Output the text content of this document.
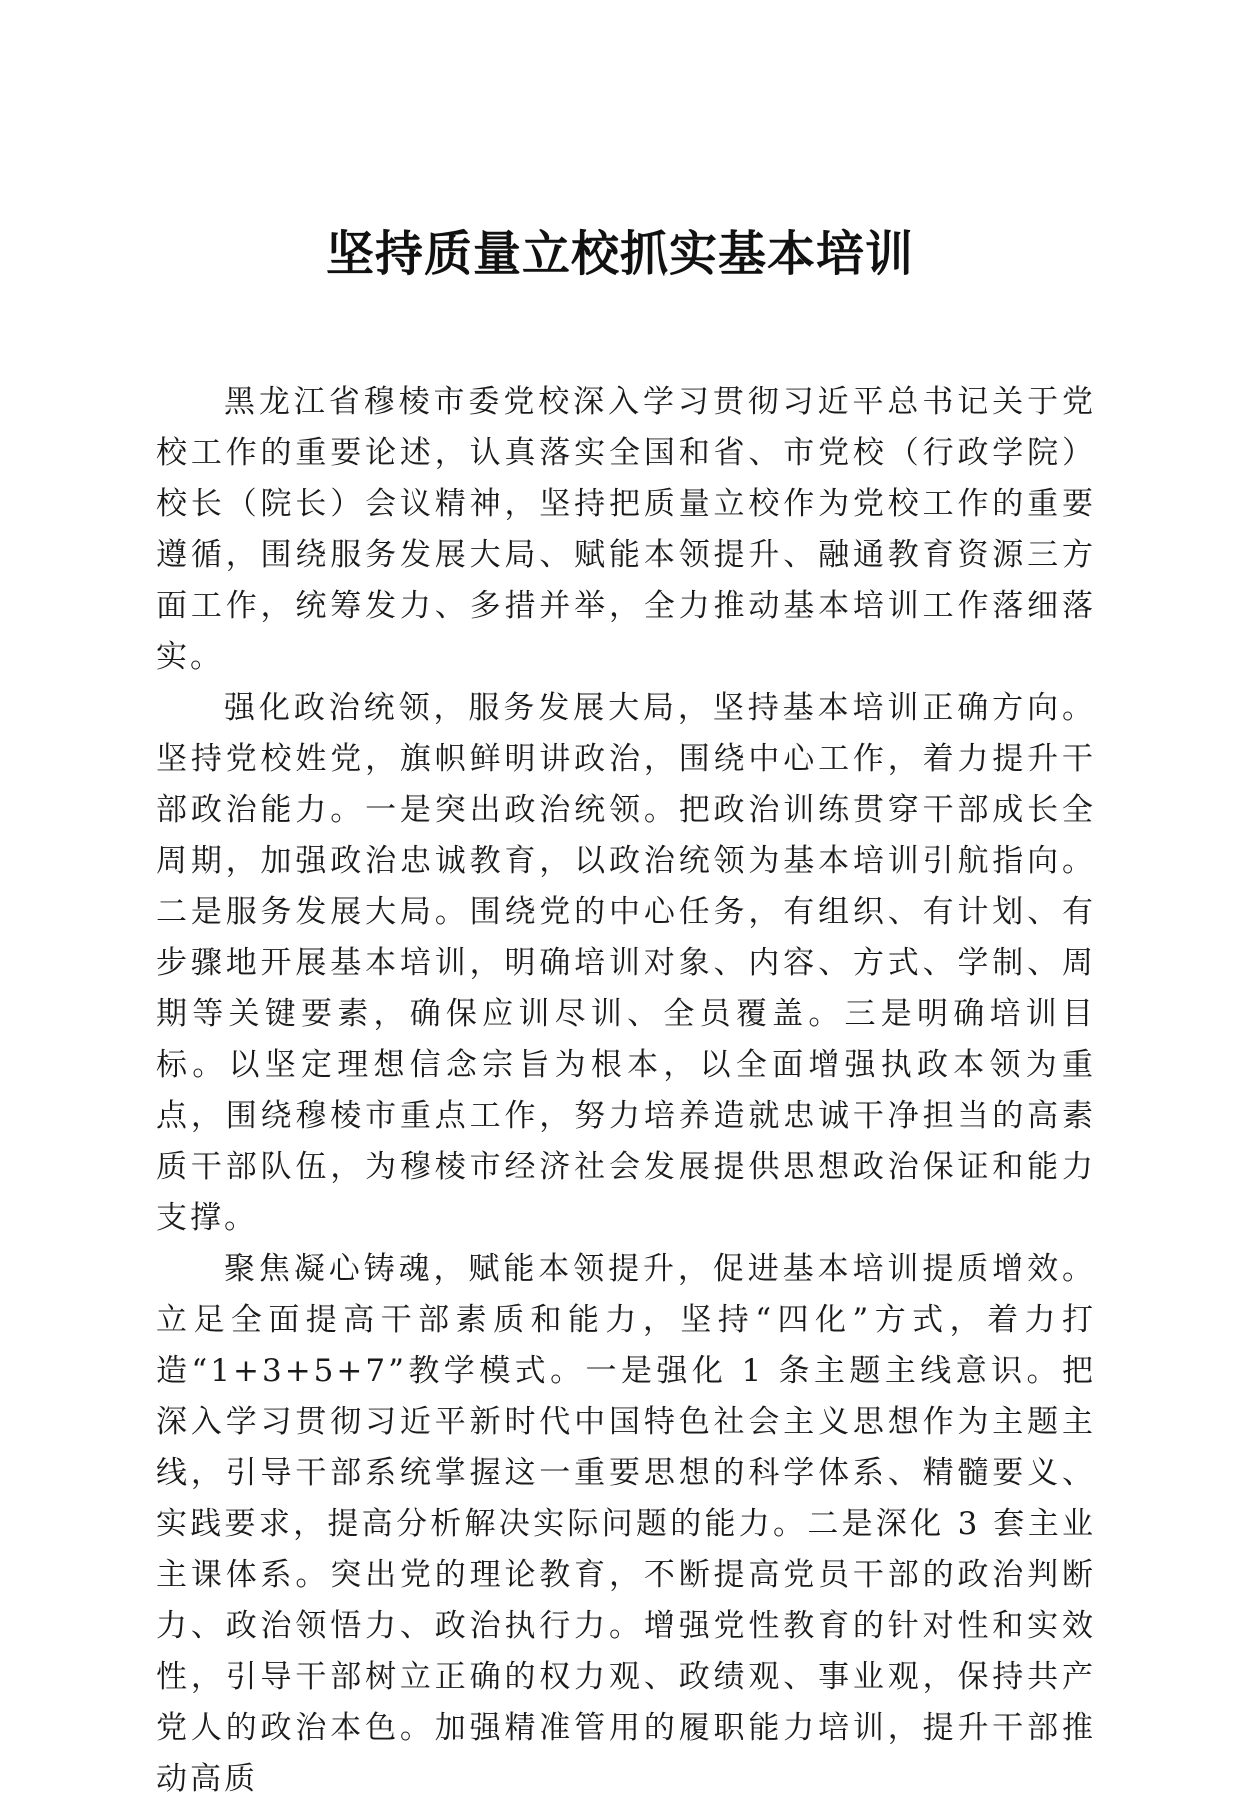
坚持质量立校抓实基本培训

黑龙江省穆棱市委党校深入学习贯彻习近平总书记关于党校工作的重要论述，认真落实全国和省、市党校（行政学院）校长（院长）会议精神，坚持把质量立校作为党校工作的重要遵循，围绕服务发展大局、赋能本领提升、融通教育资源三方面工作，统筹发力、多措并举，全力推动基本培训工作落细落实。

强化政治统领，服务发展大局，坚持基本培训正确方向。坚持党校姓党，旗帜鲜明讲政治，围绕中心工作，着力提升干部政治能力。一是突出政治统领。把政治训练贯穿干部成长全周期，加强政治忠诚教育，以政治统领为基本培训引航指向。二是服务发展大局。围绕党的中心任务，有组织、有计划、有步骤地开展基本培训，明确培训对象、内容、方式、学制、周期等关键要素，确保应训尽训、全员覆盖。三是明确培训目标。以坚定理想信念宗旨为根本，以全面增强执政本领为重点，围绕穆棱市重点工作，努力培养造就忠诚干净担当的高素质干部队伍，为穆棱市经济社会发展提供思想政治保证和能力支撑。

聚焦凝心铸魂，赋能本领提升，促进基本培训提质增效。立足全面提高干部素质和能力，坚持“四化”方式，着力打造“1+3+5+7”教学模式。一是强化 1 条主题主线意识。把深入学习贯彻习近平新时代中国特色社会主义思想作为主题主线，引导干部系统掌握这一重要思想的科学体系、精髓要义、实践要求，提高分析解决实际问题的能力。二是深化 3 套主业主课体系。突出党的理论教育，不断提高党员干部的政治判断力、政治领悟力、政治执行力。增强党性教育的针对性和实效性，引导干部树立正确的权力观、政绩观、事业观，保持共产党人的政治本色。加强精准管用的履职能力培训，提升干部推动高质
